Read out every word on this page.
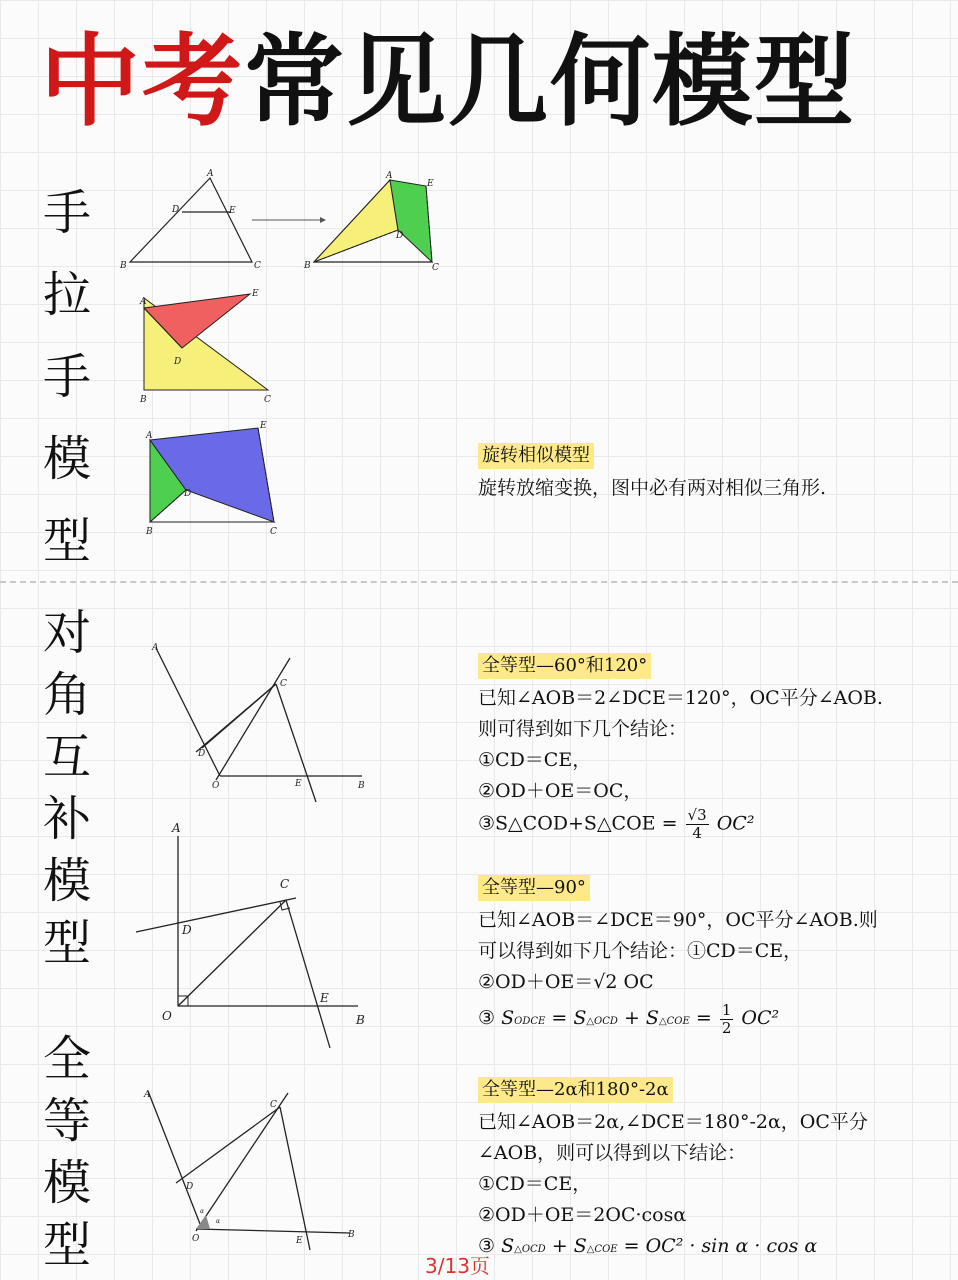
中考常见几何模型
手
拉
手
模
型
A
D	E
B	C
A
D
E
B	C
A
E
D
B	C
A
E
D
B	C
旋转相似模型
旋转放缩变换，图中必有两对相似三角形.
对
角
互
补
模
型
全
等
模
型
A
C
D
O	E	B
全等型—60°和120°
已知∠AOB＝2∠DCE＝120°，OC平分∠AOB.
则可得到如下几个结论：
①CD＝CE，
②OD＋OE＝OC，
③S△COD+S△COE = $\frac{√3}{4} OC^2$
A
C
D
O
E
B
全等型—90°
已知∠AOB＝∠DCE＝90°，OC平分∠AOB.则
可以得到如下几个结论：①CD＝CE，
②OD＋OE＝√2 OC
③ SODCE = S△OCD + S△COE = $\frac{1}{2} OC^2$
A
C
D
O	E
B
α
α
全等型—2α和180°-2α
已知∠AOB＝2α,∠DCE＝180°-2α，OC平分
∠AOB，则可以得到以下结论：
①CD＝CE，
②OD＋OE＝2OC·cosα
③ S△OCD + S△COE = OC² · sin α · cos α
3/13页
